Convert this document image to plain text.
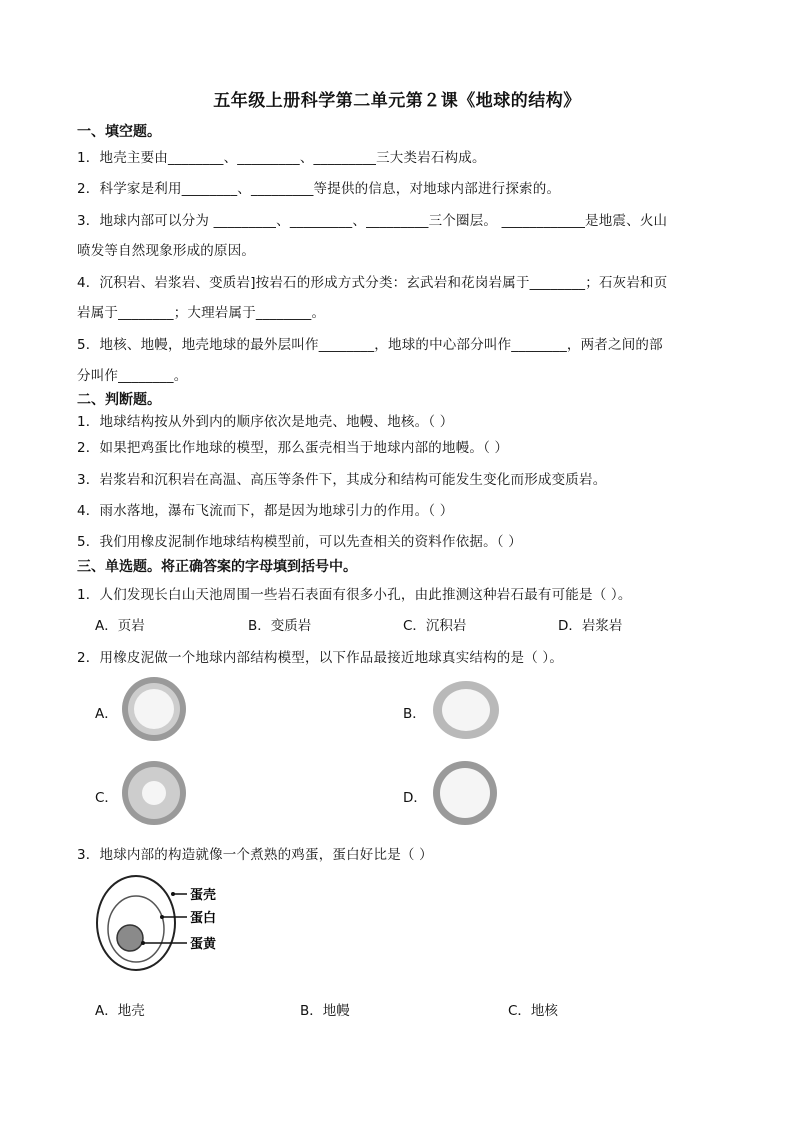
五年级上册科学第二单元第２课《地球的结构》
一、填空题。
1．地壳主要由________、_________、_________三大类岩石构成。
2．科学家是利用________、_________等提供的信息，对地球内部进行探索的。
3．地球内部可以分为 _________、_________、_________三个圈层。 ____________是地震、火山
喷发等自然现象形成的原因。
4．沉积岩、岩浆岩、变质岩]按岩石的形成方式分类：玄武岩和花岗岩属于________；石灰岩和页
岩属于________；大理岩属于________。
5．地核、地幔，地壳地球的最外层叫作________，地球的中心部分叫作________，两者之间的部
分叫作________。
二、判断题。
1．地球结构按从外到内的顺序依次是地壳、地幔、地核。（ ）
2．如果把鸡蛋比作地球的模型，那么蛋壳相当于地球内部的地幔。（ ）
3．岩浆岩和沉积岩在高温、高压等条件下，其成分和结构可能发生变化而形成变质岩。
4．雨水落地，瀑布飞流而下，都是因为地球引力的作用。（ ）
5．我们用橡皮泥制作地球结构模型前，可以先查相关的资料作依据。（ ）
三、单选题。将正确答案的字母填到括号中。
1．人们发现长白山天池周围一些岩石表面有很多小孔，由此推测这种岩石最有可能是（ ）。
A．页岩	B．变质岩	C．沉积岩	D．岩浆岩
2．用橡皮泥做一个地球内部结构模型，以下作品最接近地球真实结构的是（ ）。
A．	B．
C．	D．
3．地球内部的构造就像一个煮熟的鸡蛋，蛋白好比是（ ）
蛋壳
蛋白
蛋黄
A．地壳	B．地幔	C．地核
